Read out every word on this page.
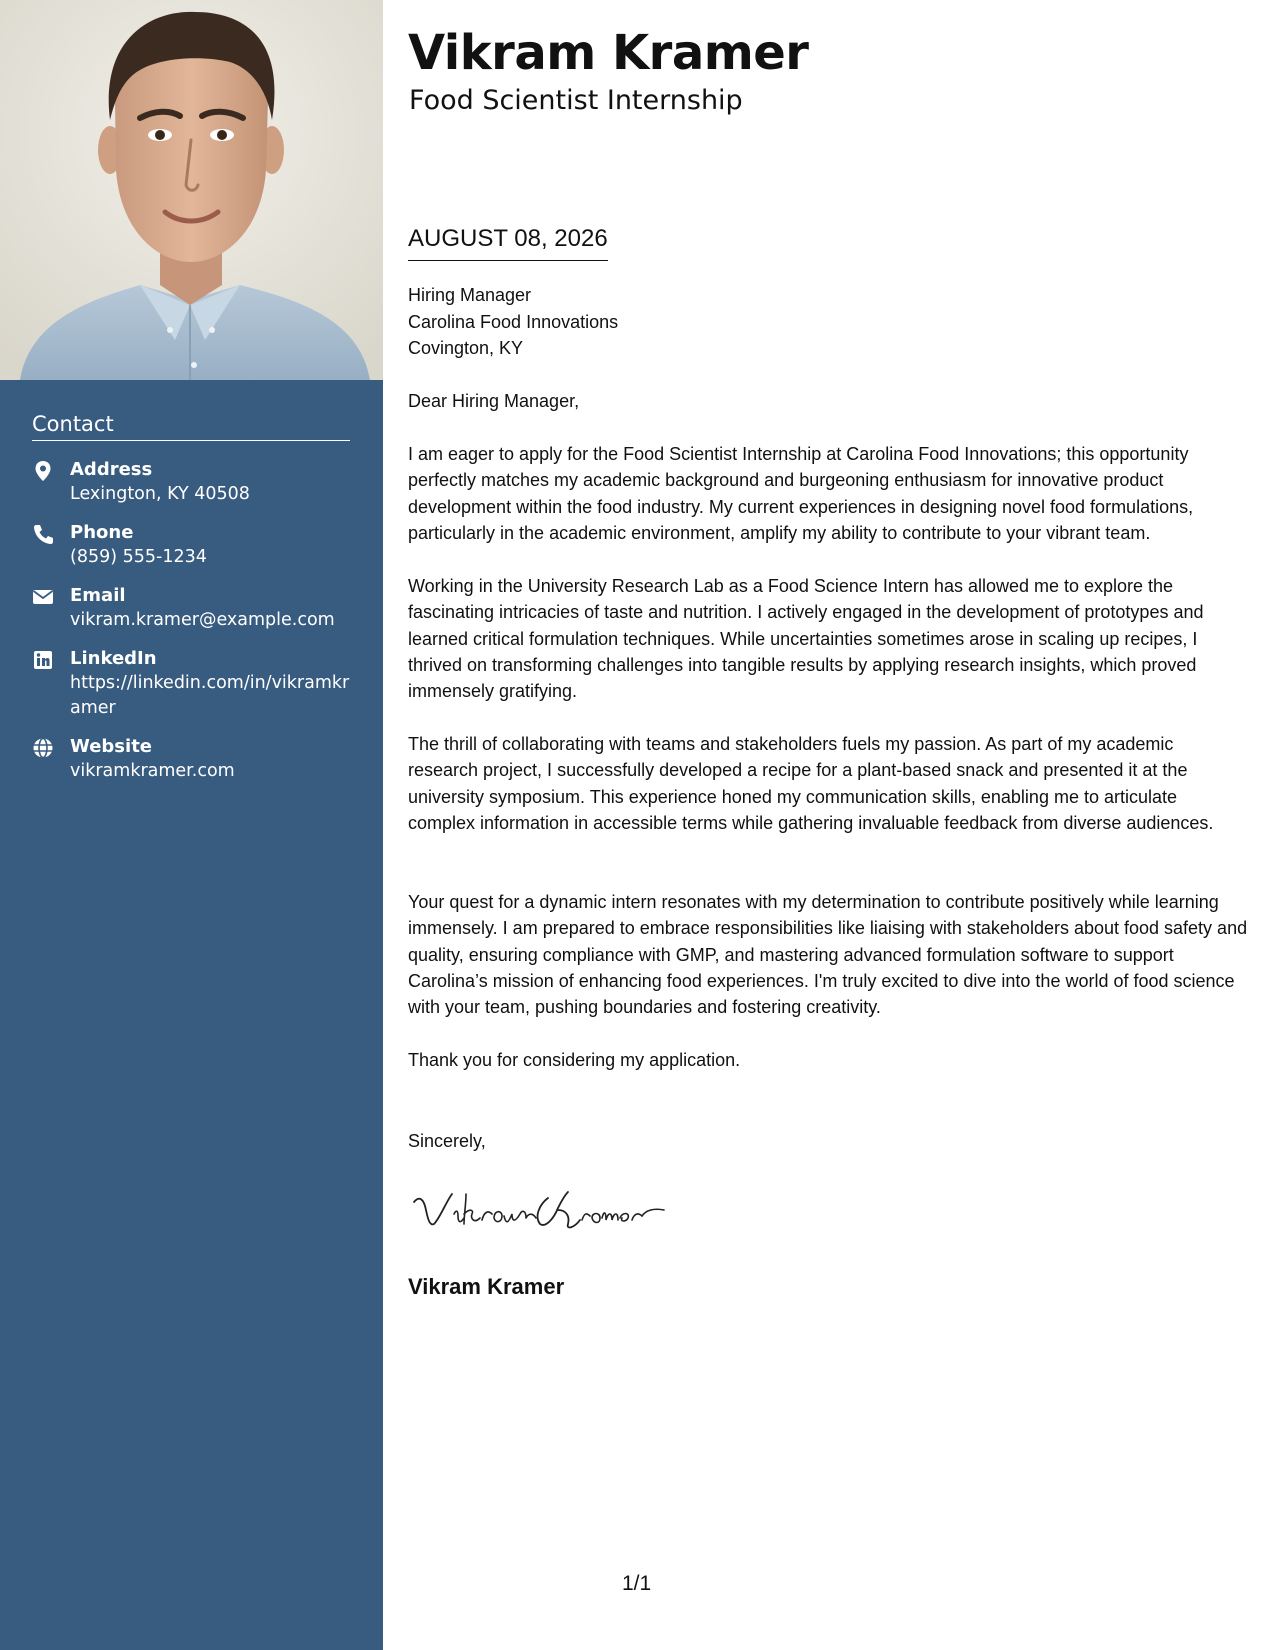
Contact
Address
Lexington, KY 40508
Phone
(859) 555-1234
Email
vikram.kramer@example.com
LinkedIn
https://linkedin.com/in/vikramkramer
Website
vikramkramer.com
Vikram Kramer
Food Scientist Internship
AUGUST 08, 2026
Hiring Manager
Carolina Food Innovations
Covington, KY

Dear Hiring Manager,

I am eager to apply for the Food Scientist Internship at Carolina Food Innovations; this opportunity perfectly matches my academic background and burgeoning enthusiasm for innovative product development within the food industry. My current experiences in designing novel food formulations, particularly in the academic environment, amplify my ability to contribute to your vibrant team.

Working in the University Research Lab as a Food Science Intern has allowed me to explore the fascinating intricacies of taste and nutrition. I actively engaged in the development of prototypes and learned critical formulation techniques. While uncertainties sometimes arose in scaling up recipes, I thrived on transforming challenges into tangible results by applying research insights, which proved immensely gratifying.

The thrill of collaborating with teams and stakeholders fuels my passion. As part of my academic research project, I successfully developed a recipe for a plant-based snack and presented it at the university symposium. This experience honed my communication skills, enabling me to articulate complex information in accessible terms while gathering invaluable feedback from diverse audiences.

Your quest for a dynamic intern resonates with my determination to contribute positively while learning immensely. I am prepared to embrace responsibilities like liaising with stakeholders about food safety and quality, ensuring compliance with GMP, and mastering advanced formulation software to support Carolina’s mission of enhancing food experiences. I'm truly excited to dive into the world of food science with your team, pushing boundaries and fostering creativity.

Thank you for considering my application.

Sincerely,

Vikram Kramer
1/1
